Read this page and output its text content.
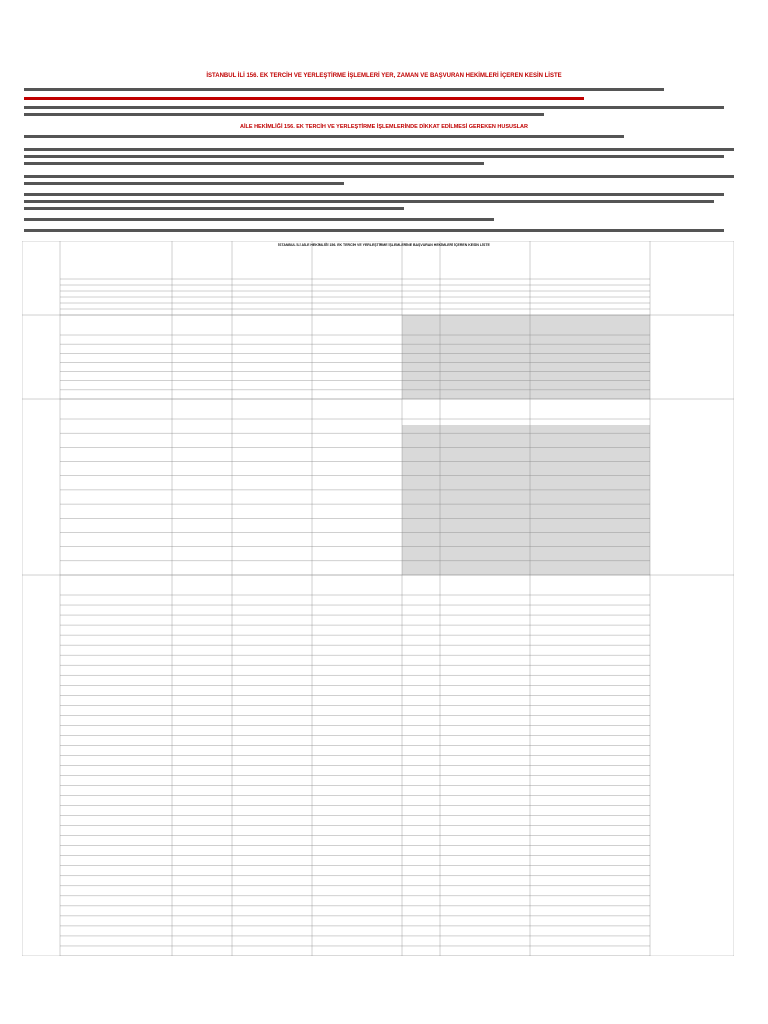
İSTANBUL İLİ 156. EK TERCİH VE YERLEŞTİRME İŞLEMLERİ YER, ZAMAN VE BAŞVURAN HEKİMLERİ İÇEREN KESİN LİSTE
AİLE HEKİMLİĞİ 156. EK TERCİH VE YERLEŞTİRME İŞLEMLERİNDE DİKKAT EDİLMESİ GEREKEN HUSUSLAR
İSTANBUL İLİ AİLE HEKİMLİĞİ 156. EK TERCİH VE YERLEŞTİRME İŞLEMLERİNE BAŞVURAN HEKİMLERİ İÇEREN KESİN LİSTE
